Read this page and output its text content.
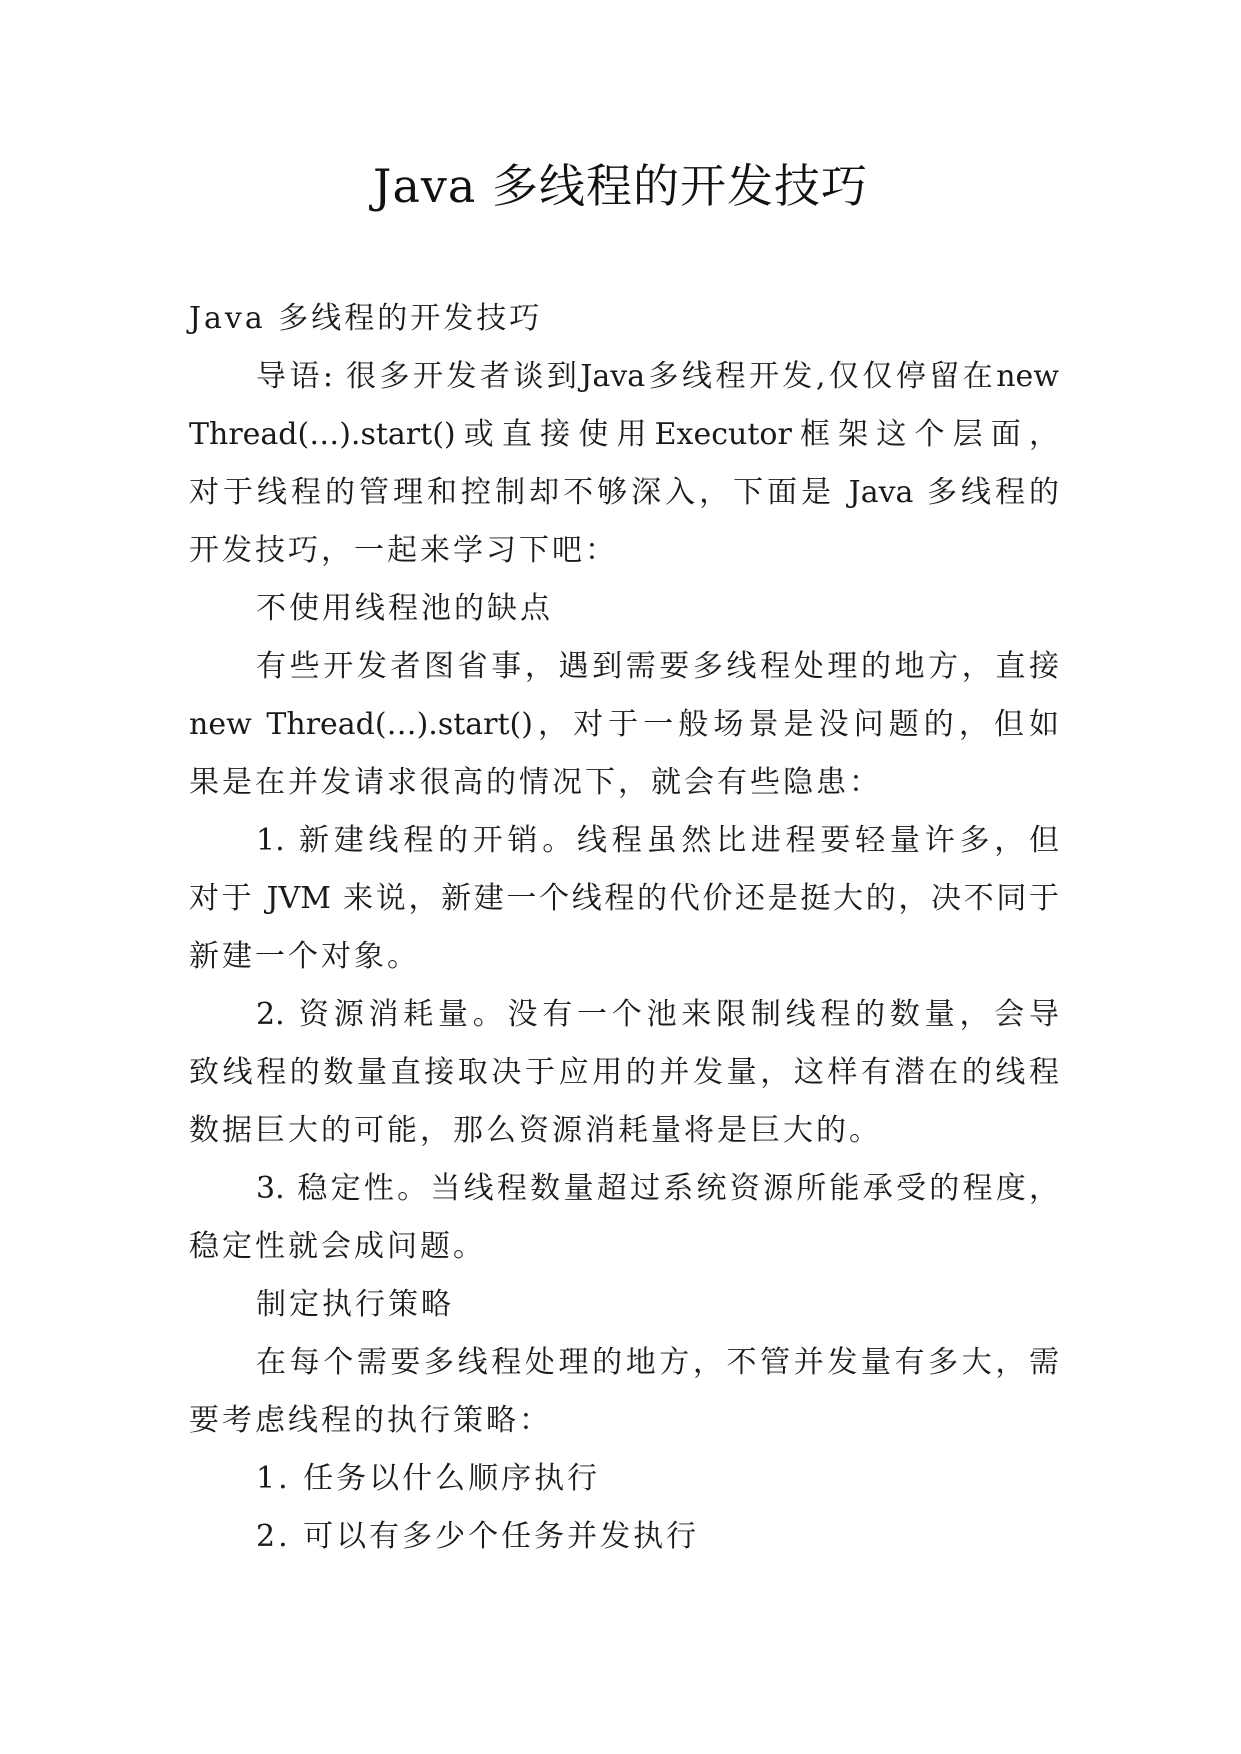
Java 多线程的开发技巧
Java 多线程的开发技巧
导语: 很多开发者谈到Java多线程开发,仅仅停留在new
Thread(…).start()或直接使用Executor框架这个层面，
对于线程的管理和控制却不够深入，下面是 Java 多线程的
开发技巧，一起来学习下吧：
不使用线程池的缺点
有些开发者图省事，遇到需要多线程处理的地方，直接
new Thread(…).start()，对于一般场景是没问题的，但如
果是在并发请求很高的情况下，就会有些隐患：
1. 新建线程的开销。线程虽然比进程要轻量许多，但
对于 JVM 来说，新建一个线程的代价还是挺大的，决不同于
新建一个对象。
2. 资源消耗量。没有一个池来限制线程的数量，会导
致线程的数量直接取决于应用的并发量，这样有潜在的线程
数据巨大的可能，那么资源消耗量将是巨大的。
3. 稳定性。当线程数量超过系统资源所能承受的程度，
稳定性就会成问题。
制定执行策略
在每个需要多线程处理的地方，不管并发量有多大，需
要考虑线程的执行策略：
1. 任务以什么顺序执行
2. 可以有多少个任务并发执行
